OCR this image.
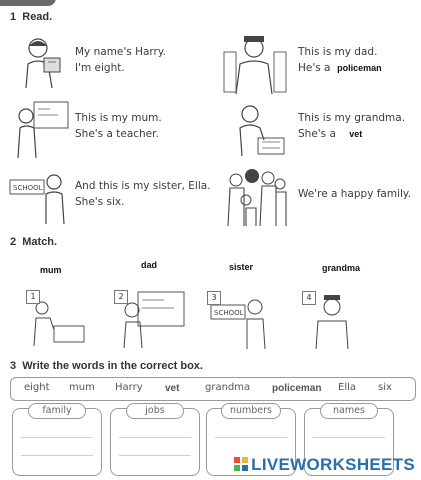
1 Read.
My name's Harry.
I'm eight.
This is my dad.
He's a policeman
This is my mum.
She's a teacher.
This is my grandma.
She's a vet
SCHOOL	And this is my sister, Ella.
She's six.
We're a happy family.
2 Match.
mum	dad	sister	grandma
1	2	3
SCHOOL
4
3 Write the words in the correct box.
eight mum Harry vet	grandma policeman Ella six
family	jobs	numbers	names
LIVEWORKSHEETS
